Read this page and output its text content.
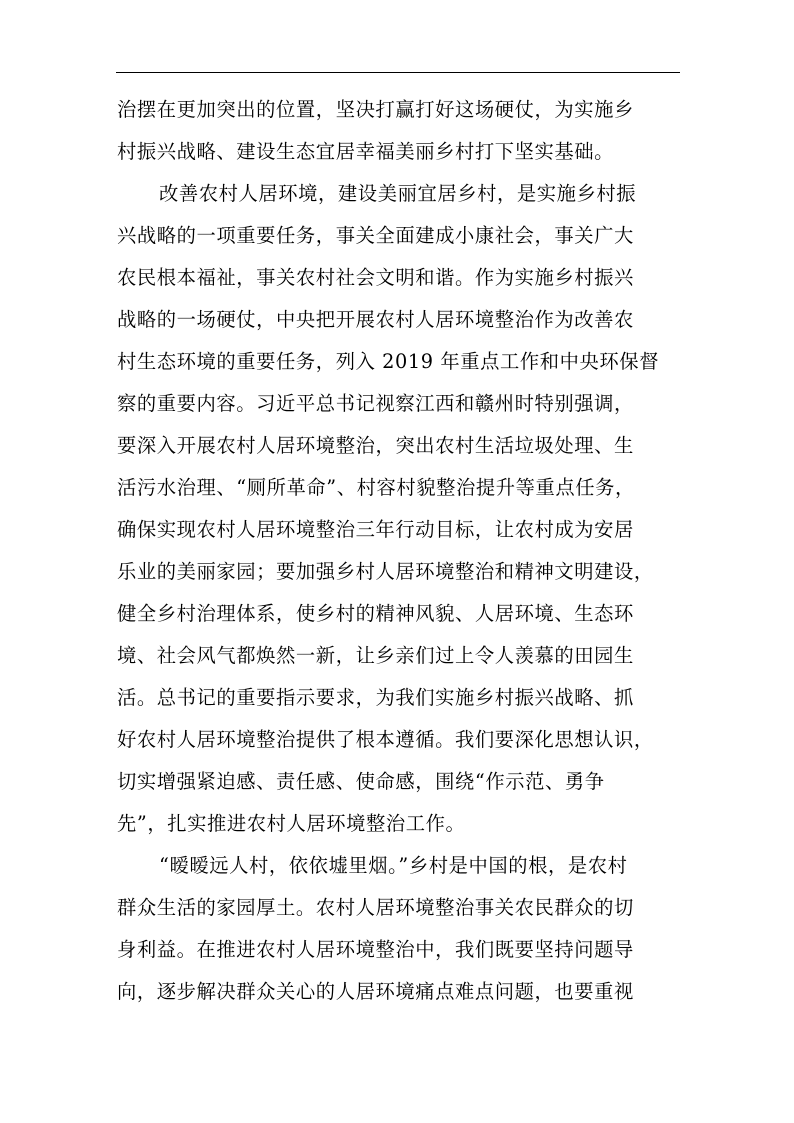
治摆在更加突出的位置，坚决打赢打好这场硬仗，为实施乡
村振兴战略、建设生态宜居幸福美丽乡村打下坚实基础。
改善农村人居环境，建设美丽宜居乡村，是实施乡村振
兴战略的一项重要任务，事关全面建成小康社会，事关广大
农民根本福祉，事关农村社会文明和谐。作为实施乡村振兴
战略的一场硬仗，中央把开展农村人居环境整治作为改善农
村生态环境的重要任务，列入 2019 年重点工作和中央环保督
察的重要内容。习近平总书记视察江西和赣州时特别强调，
要深入开展农村人居环境整治，突出农村生活垃圾处理、生
活污水治理、“厕所革命”、村容村貌整治提升等重点任务，
确保实现农村人居环境整治三年行动目标，让农村成为安居
乐业的美丽家园；要加强乡村人居环境整治和精神文明建设，
健全乡村治理体系，使乡村的精神风貌、人居环境、生态环
境、社会风气都焕然一新，让乡亲们过上令人羡慕的田园生
活。总书记的重要指示要求，为我们实施乡村振兴战略、抓
好农村人居环境整治提供了根本遵循。我们要深化思想认识，
切实增强紧迫感、责任感、使命感，围绕“作示范、勇争
先”，扎实推进农村人居环境整治工作。
“暧暧远人村，依依墟里烟。”乡村是中国的根，是农村
群众生活的家园厚土。农村人居环境整治事关农民群众的切
身利益。在推进农村人居环境整治中，我们既要坚持问题导
向，逐步解决群众关心的人居环境痛点难点问题，也要重视
